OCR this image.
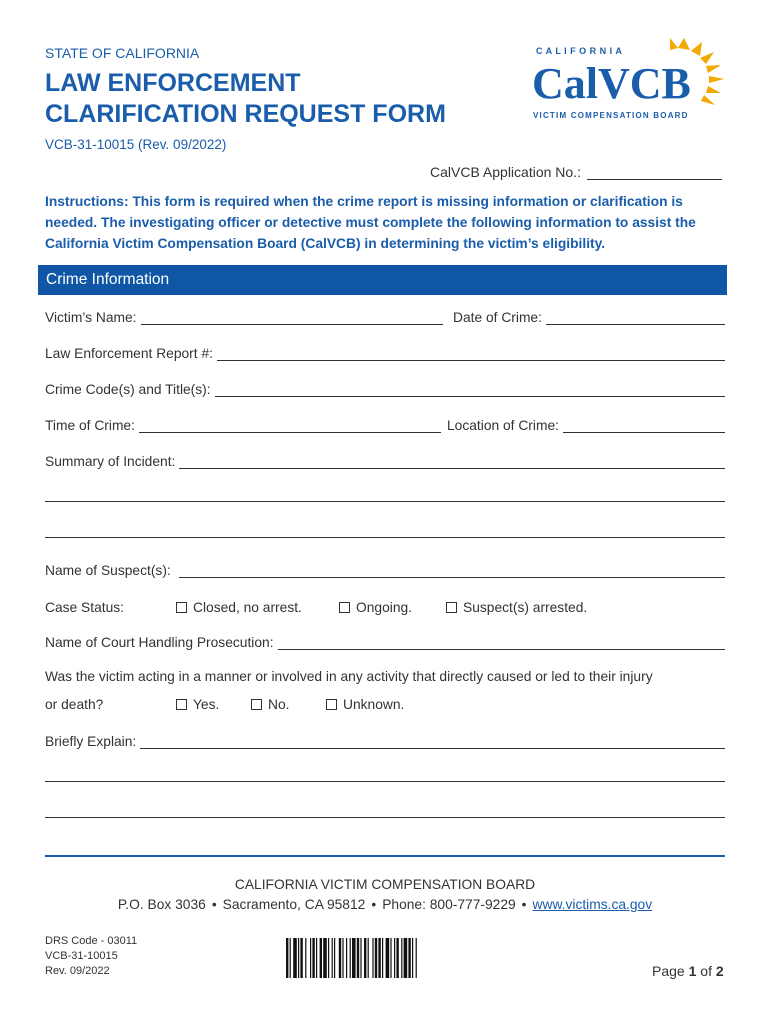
STATE OF CALIFORNIA
LAW ENFORCEMENT
CLARIFICATION REQUEST FORM
VCB-31-10015 (Rev. 09/2022)
C A L I F O R N I A
CalVCB
VICTIM COMPENSATION BOARD
CalVCB Application No.:
Instructions: This form is required when the crime report is missing information or clarification is needed. The investigating officer or detective must complete the following information to assist the California Victim Compensation Board (CalVCB) in determining the victim’s eligibility.
Crime Information
Victim’s Name:	Date of Crime:
Law Enforcement Report #:
Crime Code(s) and Title(s):
Time of Crime:	Location of Crime:
Summary of Incident:
Name of Suspect(s):
Case Status:	Closed, no arrest.	Ongoing.	Suspect(s) arrested.
Name of Court Handling Prosecution:
Was the victim acting in a manner or involved in any activity that directly caused or led to their injury
or death?	Yes.	No.	Unknown.
Briefly Explain:
CALIFORNIA VICTIM COMPENSATION BOARD
P.O. Box 3036 • Sacramento, CA 95812 • Phone: 800-777-9229 • www.victims.ca.gov
DRS Code - 03011
VCB-31-10015
Rev. 09/2022	Page 1 of 2
